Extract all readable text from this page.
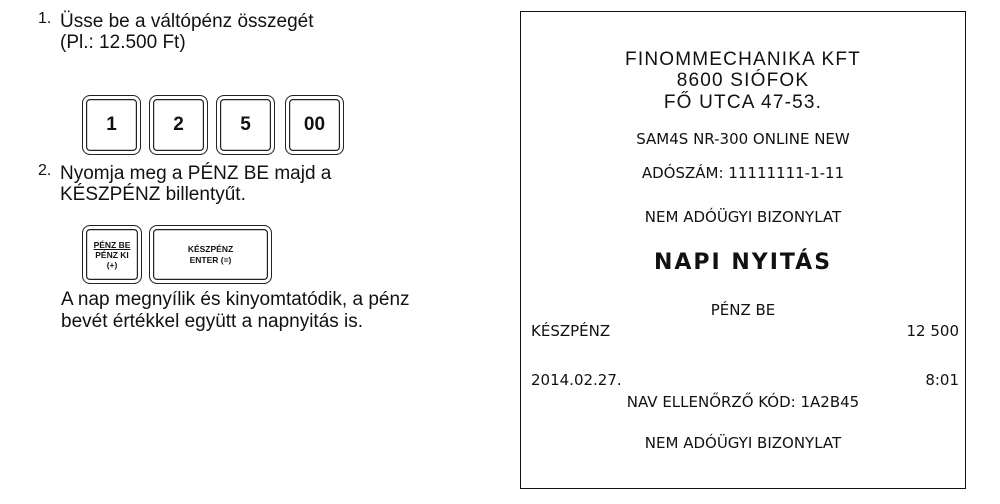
1. Üsse be a váltópénz összegét
(Pl.: 12.500 Ft)
1	2	5	00
2. Nyomja meg a PÉNZ BE majd a
KÉSZPÉNZ billentyűt.
PÉNZ BE
PÉNZ KI
(+)
KÉSZPÉNZ
ENTER (=)
A nap megnyílik és kinyomtatódik, a pénz
bevét értékkel együtt a napnyitás is.
FINOMMECHANIKA KFT
8600 SIÓFOK
FŐ UTCA 47-53.
SAM4S NR-300 ONLINE NEW
ADÓSZÁM: 11111111-1-11
NEM ADÓÜGYI BIZONYLAT
NAPI NYITÁS
PÉNZ BE
KÉSZPÉNZ	12 500
2014.02.27.	8:01
NAV ELLENŐRZŐ KÓD: 1A2B45
NEM ADÓÜGYI BIZONYLAT
